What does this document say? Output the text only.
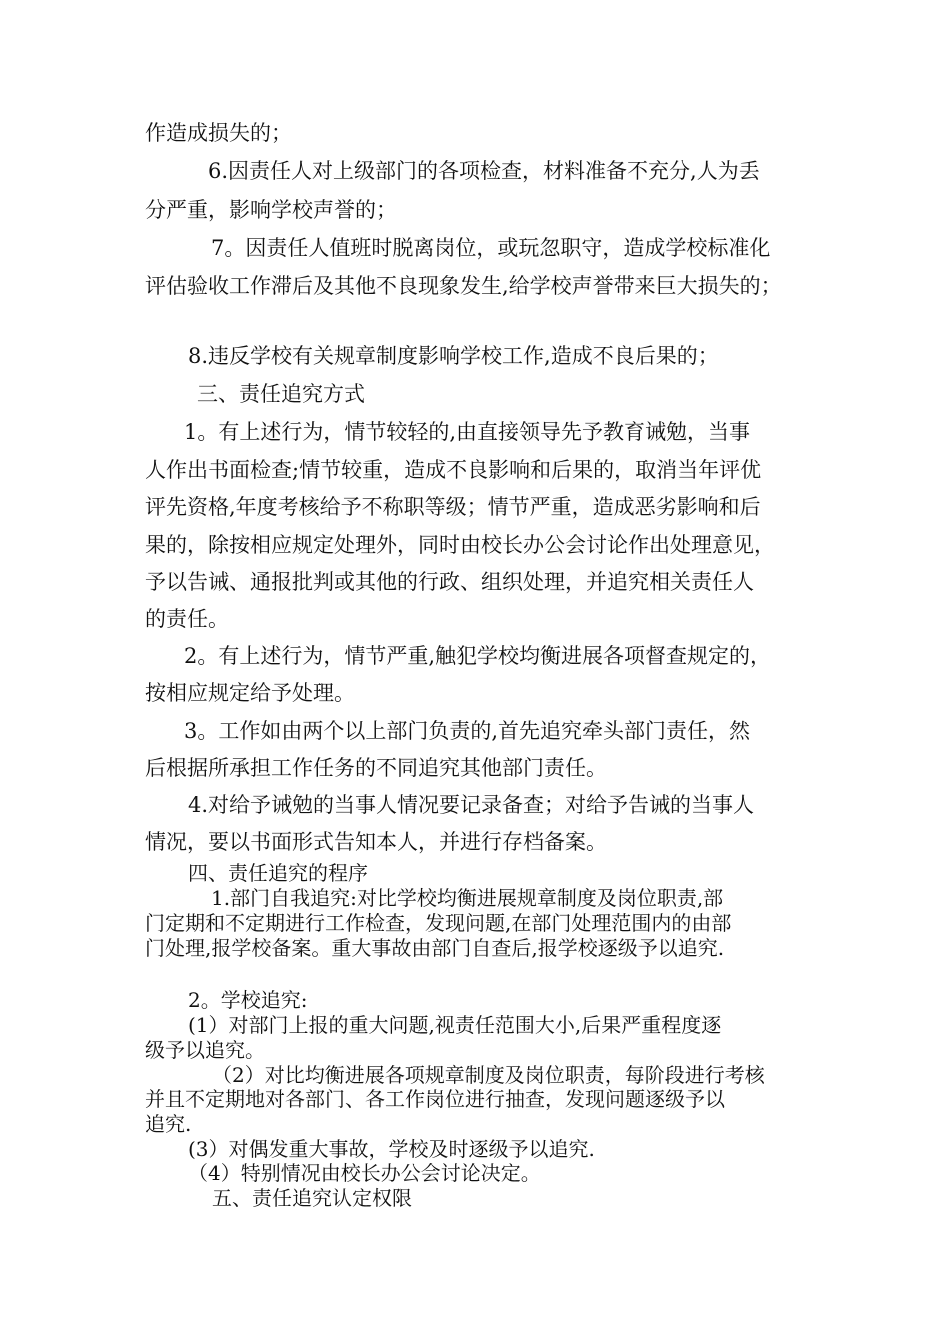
作造成损失的；
6.因责任人对上级部门的各项检查，材料准备不充分,人为丢
分严重，影响学校声誉的；
7。因责任人值班时脱离岗位，或玩忽职守，造成学校标准化
评估验收工作滞后及其他不良现象发生,给学校声誉带来巨大损失的；
8.违反学校有关规章制度影响学校工作,造成不良后果的；
三、责任追究方式
1。有上述行为，情节较轻的,由直接领导先予教育诫勉，当事
人作出书面检查;情节较重，造成不良影响和后果的，取消当年评优
评先资格,年度考核给予不称职等级；情节严重，造成恶劣影响和后
果的，除按相应规定处理外，同时由校长办公会讨论作出处理意见，
予以告诫、通报批判或其他的行政、组织处理，并追究相关责任人
的责任。
2。有上述行为，情节严重,触犯学校均衡进展各项督查规定的，
按相应规定给予处理。
3。工作如由两个以上部门负责的,首先追究牵头部门责任，然
后根据所承担工作任务的不同追究其他部门责任。
4.对给予诫勉的当事人情况要记录备查；对给予告诫的当事人
情况，要以书面形式告知本人，并进行存档备案。
四、责任追究的程序
1.部门自我追究:对比学校均衡进展规章制度及岗位职责,部
门定期和不定期进行工作检查，发现问题,在部门处理范围内的由部
门处理,报学校备案。重大事故由部门自查后,报学校逐级予以追究.
2。学校追究:
(1）对部门上报的重大问题,视责任范围大小,后果严重程度逐
级予以追究。
（2）对比均衡进展各项规章制度及岗位职责，每阶段进行考核
并且不定期地对各部门、各工作岗位进行抽查，发现问题逐级予以
追究.
(3）对偶发重大事故，学校及时逐级予以追究.
（4）特别情况由校长办公会讨论决定。
五、责任追究认定权限
